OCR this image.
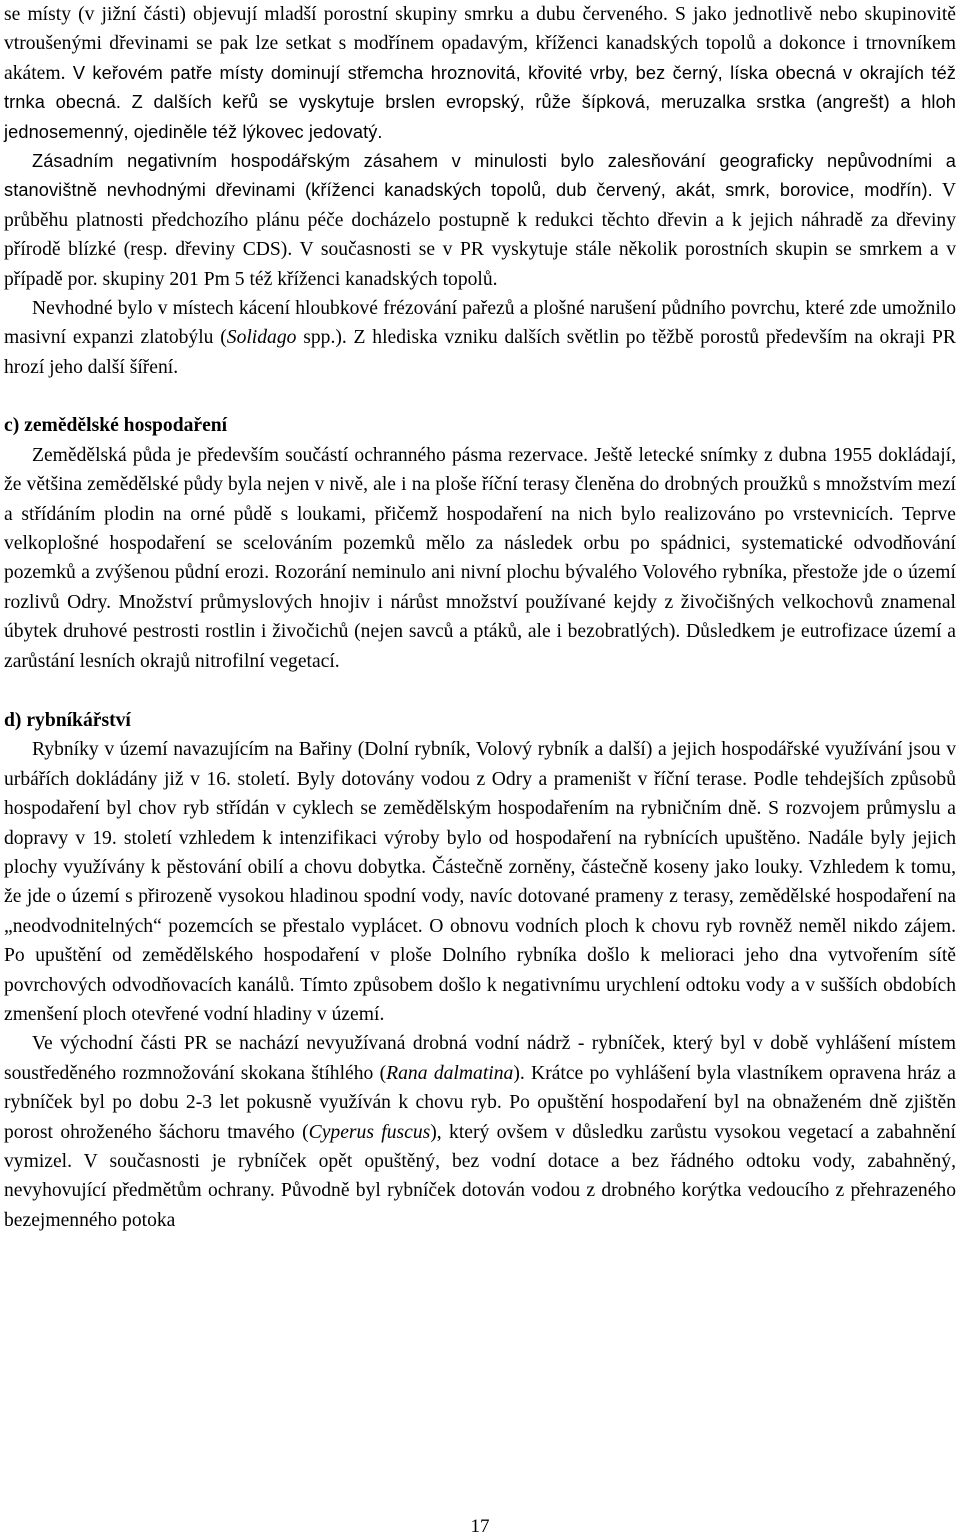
se místy (v jižní části) objevují mladší porostní skupiny smrku a dubu červeného. S jako jednotlivě nebo skupinovitě vtroušenými dřevinami se pak lze setkat s modřínem opadavým, kříženci kanadských topolů a dokonce i trnovníkem akátem. V keřovém patře místy dominují střemcha hroznovitá, křovité vrby, bez černý, líska obecná v okrajích též trnka obecná. Z dalších keřů se vyskytuje brslen evropský, růže šípková, meruzalka srstka (angrešt) a hloh jednosemenný, ojediněle též lýkovec jedovatý.

Zásadním negativním hospodářským zásahem v minulosti bylo zalesňování geograficky nepůvodními a stanovištně nevhodnými dřevinami (kříženci kanadských topolů, dub červený, akát, smrk, borovice, modřín). V průběhu platnosti předchozího plánu péče docházelo postupně k redukci těchto dřevin a k jejich náhradě za dřeviny přírodě blízké (resp. dřeviny CDS). V současnosti se v PR vyskytuje stále několik porostních skupin se smrkem a v případě por. skupiny 201 Pm 5 též kříženci kanadských topolů.

Nevhodné bylo v místech kácení hloubkové frézování pařezů a plošné narušení půdního povrchu, které zde umožnilo masivní expanzi zlatobýlu (Solidago spp.). Z hlediska vzniku dalších světlin po těžbě porostů především na okraji PR hrozí jeho další šíření.

c) zemědělské hospodaření

Zemědělská půda je především součástí ochranného pásma rezervace. Ještě letecké snímky z dubna 1955 dokládají, že většina zemědělské půdy byla nejen v nivě, ale i na ploše říční terasy členěna do drobných proužků s množstvím mezí a střídáním plodin na orné půdě s loukami, přičemž hospodaření na nich bylo realizováno po vrstevnicích. Teprve velkoplošné hospodaření se scelováním pozemků mělo za následek orbu po spádnici, systematické odvodňování pozemků a zvýšenou půdní erozi. Rozorání neminulo ani nivní plochu bývalého Volového rybníka, přestože jde o území rozlivů Odry. Množství průmyslových hnojiv i nárůst množství používané kejdy z živočišných velkochovů znamenal úbytek druhové pestrosti rostlin i živočichů (nejen savců a ptáků, ale i bezobratlých). Důsledkem je eutrofizace území a zarůstání lesních okrajů nitrofilní vegetací.

d) rybníkářství

Rybníky v území navazujícím na Bařiny (Dolní rybník, Volový rybník a další) a jejich hospodářské využívání jsou v urbářích dokládány již v 16. století. Byly dotovány vodou z Odry a prameništ v říční terase. Podle tehdejších způsobů hospodaření byl chov ryb střídán v cyklech se zemědělským hospodařením na rybničním dně. S rozvojem průmyslu a dopravy v 19. století vzhledem k intenzifikaci výroby bylo od hospodaření na rybnících upuštěno. Nadále byly jejich plochy využívány k pěstování obilí a chovu dobytka. Částečně zorněny, částečně koseny jako louky. Vzhledem k tomu, že jde o území s přirozeně vysokou hladinou spodní vody, navíc dotované prameny z terasy, zemědělské hospodaření na „neodvodnitelných“ pozemcích se přestalo vyplácet. O obnovu vodních ploch k chovu ryb rovněž neměl nikdo zájem. Po upuštění od zemědělského hospodaření v ploše Dolního rybníka došlo k melioraci jeho dna vytvořením sítě povrchových odvodňovacích kanálů. Tímto způsobem došlo k negativnímu urychlení odtoku vody a v sušších obdobích zmenšení ploch otevřené vodní hladiny v území.

Ve východní části PR se nachází nevyužívaná drobná vodní nádrž - rybníček, který byl v době vyhlášení místem soustředěného rozmnožování skokana štíhlého (Rana dalmatina). Krátce po vyhlášení byla vlastníkem opravena hráz a rybníček byl po dobu 2-3 let pokusně využíván k chovu ryb. Po opuštění hospodaření byl na obnaženém dně zjištěn porost ohroženého šáchoru tmavého (Cyperus fuscus), který ovšem v důsledku zarůstu vysokou vegetací a zabahnění vymizel. V současnosti je rybníček opět opuštěný, bez vodní dotace a bez řádného odtoku vody, zabahněný, nevyhovující předmětům ochrany. Původně byl rybníček dotován vodou z drobného korýtka vedoucího z přehrazeného bezejmenného potoka

17
